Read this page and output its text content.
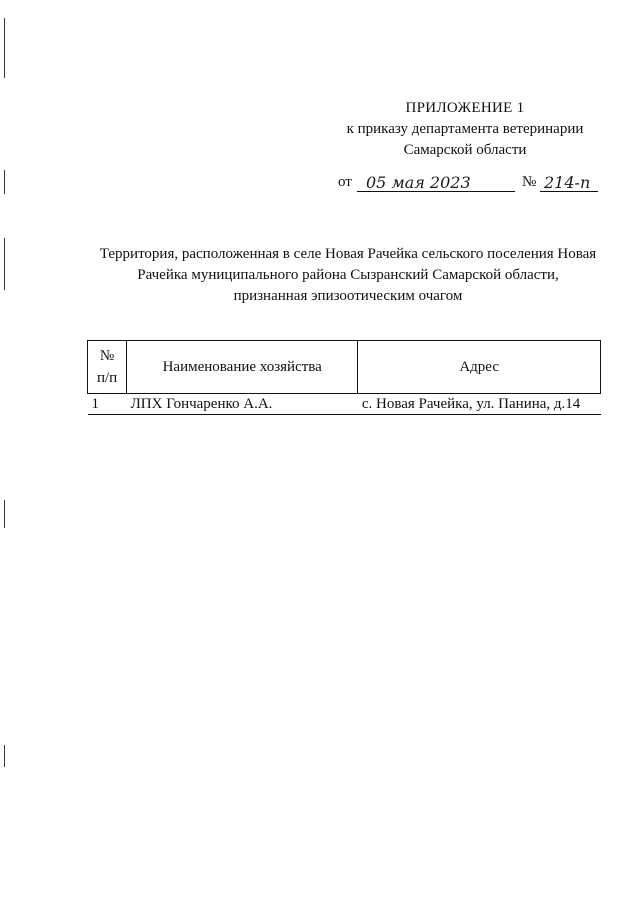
ПРИЛОЖЕНИЕ 1
к приказу департамента ветеринарии
Самарской области
от 05 мая 2023	№ 214-п
Территория, расположенная в селе Новая Рачейка сельского поселения Новая
Рачейка муниципального района Сызранский Самарской области,
признанная эпизоотическим очагом
№
п/п	Наименование хозяйства	Адрес
1	ЛПХ Гончаренко А.А.	с. Новая Рачейка, ул. Панина, д.14
